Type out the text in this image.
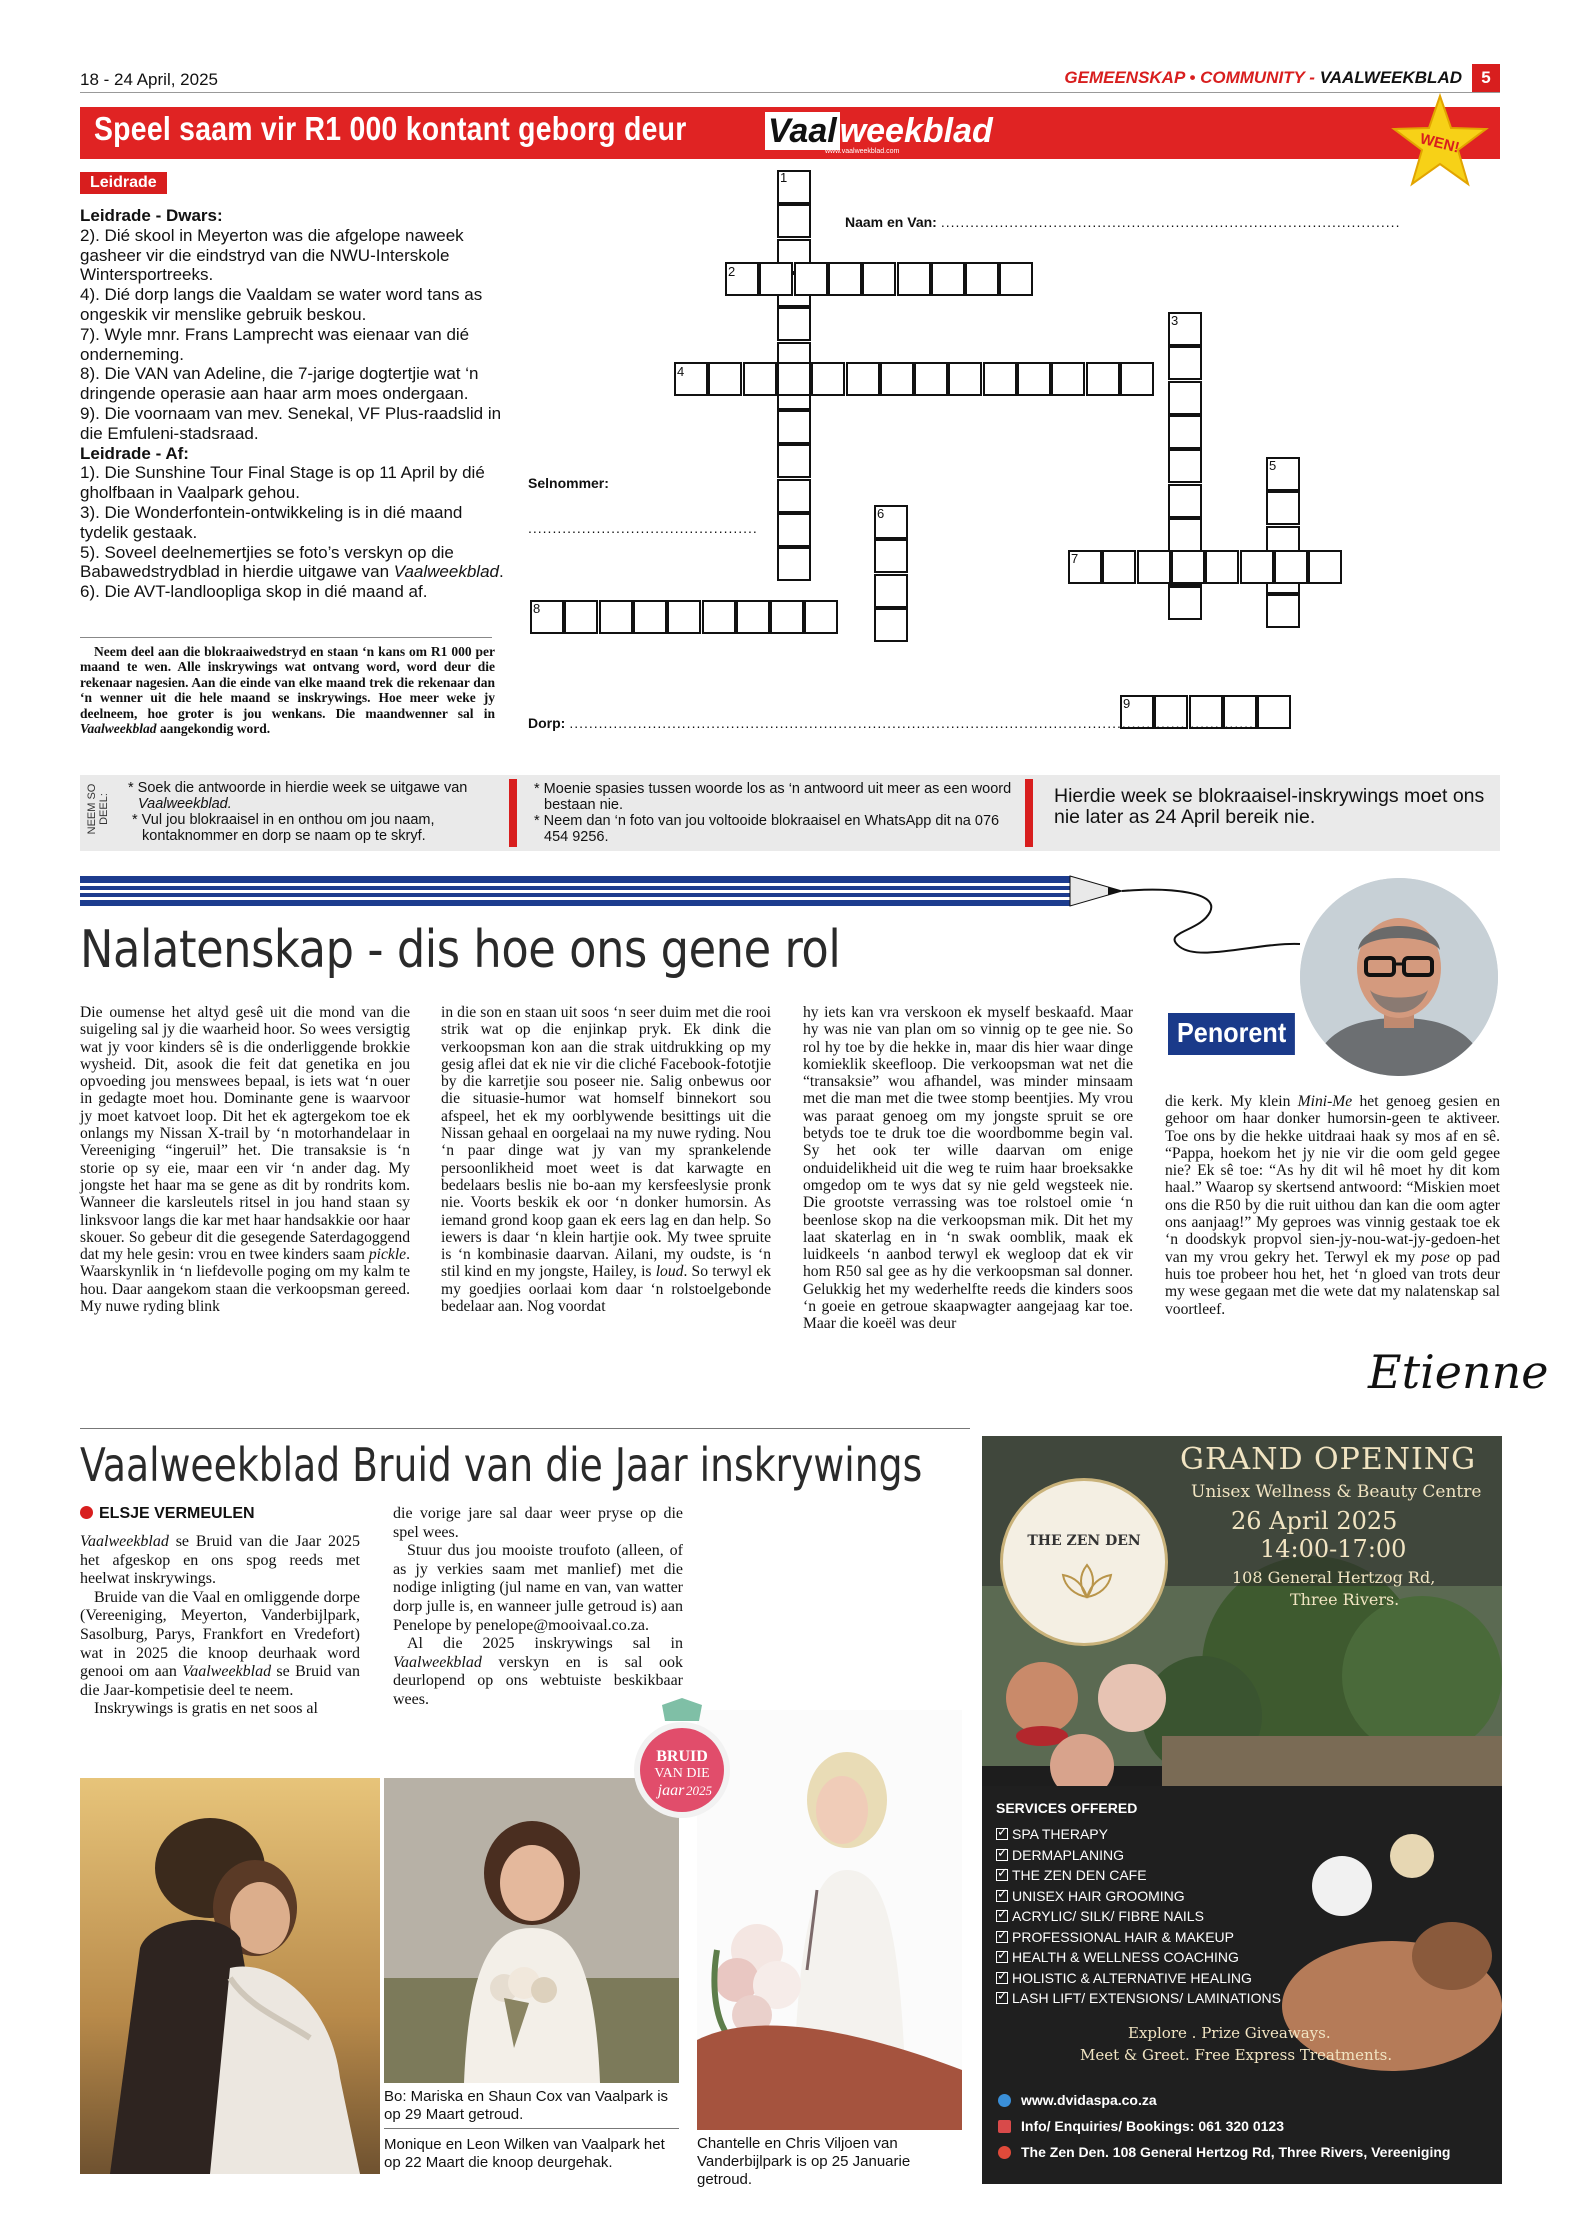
18 - 24 April, 2025	GEMEENSKAP • COMMUNITY - VAALWEEKBLAD	5
Speel saam vir R1 000 kontant geborg deur Vaalweekblad
www.vaalweekblad.com	WEN!
Leidrade
Leidrade - Dwars:
2). Dié skool in Meyerton was die afgelope naweek gasheer vir die eindstryd van die NWU-Interskole Wintersportreeks.
4). Dié dorp langs die Vaaldam se water word tans as ongeskik vir menslike gebruik beskou.
7). Wyle mnr. Frans Lamprecht was eienaar van dié onderneming.
8). Die VAN van Adeline, die 7-jarige dogtertjie wat ‘n dringende operasie aan haar arm moes ondergaan.
9). Die voornaam van mev. Senekal, VF Plus-raadslid in die Emfuleni-stadsraad.
Leidrade - Af:
1). Die Sunshine Tour Final Stage is op 11 April by dié gholfbaan in Vaalpark gehou.
3). Die Wonderfontein-ontwikkeling is in dié maand tydelik gestaak.
5). Soveel deelnemertjies se foto’s verskyn op die Babawedstrydblad in hierdie uitgawe van Vaalweekblad.
6). Die AVT-landloopliga skop in dié maand af.
Neem deel aan die blokraaiwedstryd en staan ‘n kans om R1 000 per maand te wen. Alle inskrywings wat ontvang word, word deur die rekenaar nagesien. Aan die einde van elke maand trek die rekenaar dan ‘n wenner uit die hele maand se inskrywings. Hoe meer weke jy deelneem, hoe groter is jou wenkans. Die maandwenner sal in Vaalweekblad aangekondig word.
1
2
3
4
5
6
7
8
9
Naam en Van: ..............................................................................................
Selnommer:
...............................................
Dorp: ............................................................................................................................................
NEEM SO DEEL:
* Soek die antwoorde in hierdie week se uitgawe van Vaalweekblad.
* Vul jou blokraaisel in en onthou om jou naam, kontaknommer en dorp se naam op te skryf.
* Moenie spasies tussen woorde los as ‘n antwoord uit meer as een woord bestaan nie.
* Neem dan ‘n foto van jou voltooide blokraaisel en WhatsApp dit na 076 454 9256.
Hierdie week se blokraaisel-inskrywings moet ons nie later as 24 April bereik nie.
Nalatenskap - dis hoe ons gene rol
Penorent
Die oumense het altyd gesê uit die mond van die suigeling sal jy die waarheid hoor. So wees versigtig wat jy voor kinders sê is die onderliggende brokkie wysheid. Dit, asook die feit dat genetika en jou opvoeding jou menswees bepaal, is iets wat ‘n ouer in gedagte moet hou. Dominante gene is waarvoor jy moet katvoet loop. Dit het ek agtergekom toe ek onlangs my Nissan X-trail by ‘n motorhandelaar in Vereeniging “ingeruil” het. Die transaksie is ‘n storie op sy eie, maar een vir ‘n ander dag. My jongste het haar ma se gene as dit by rondrits kom. Wanneer die karsleutels ritsel in jou hand staan sy linksvoor langs die kar met haar handsakkie oor haar skouer. So gebeur dit die gesegende Saterdagoggend dat my hele gesin: vrou en twee kinders saam pickle. Waarskynlik in ‘n liefdevolle poging om my kalm te hou. Daar aangekom staan die verkoopsman gereed. My nuwe ryding blink
in die son en staan uit soos ‘n seer duim met die rooi strik wat op die enjinkap pryk. Ek dink die verkoopsman kon aan die strak uitdrukking op my gesig aflei dat ek nie vir die cliché Facebook-fototjie by die karretjie sou poseer nie. Salig onbewus oor die situasie-humor wat homself binnekort sou afspeel, het ek my oorblywende besittings uit die Nissan gehaal en oorgelaai na my nuwe ryding. Nou ‘n paar dinge wat jy van my sprankelende persoonlikheid moet weet is dat karwagte en bedelaars beslis nie bo-aan my kersfeeslysie pronk nie. Voorts beskik ek oor ‘n donker humorsin. As iemand grond koop gaan ek eers lag en dan help. So iewers is daar ‘n klein hartjie ook. My twee spruite is ‘n kombinasie daarvan. Ailani, my oudste, is ‘n stil kind en my jongste, Hailey, is loud. So terwyl ek my goedjies oorlaai kom daar ‘n rolstoelgebonde bedelaar aan. Nog voordat
hy iets kan vra verskoon ek myself beskaafd. Maar hy was nie van plan om so vinnig op te gee nie. So rol hy toe by die hekke in, maar dis hier waar dinge komieklik skeefloop. Die verkoopsman wat net die “transaksie” wou afhandel, was minder minsaam met die man met die twee stomp beentjies. My vrou was paraat genoeg om my jongste spruit se ore betyds toe te druk toe die woordbomme begin val. Sy het ook ter wille daarvan om enige onduidelikheid uit die weg te ruim haar broeksakke omgedop om te wys dat sy nie geld wegsteek nie. Die grootste verrassing was toe rolstoel omie ‘n beenlose skop na die verkoopsman mik. Dit het my laat skaterlag en in ‘n swak oomblik, maak ek luidkeels ‘n aanbod terwyl ek wegloop dat ek vir hom R50 sal gee as hy die verkoopsman sal donner. Gelukkig het my wederhelfte reeds die kinders soos ‘n goeie en getroue skaapwagter aangejaag kar toe. Maar die koeël was deur
die kerk. My klein Mini-Me het genoeg gesien en gehoor om haar donker humorsin-geen te aktiveer. Toe ons by die hekke uitdraai haak sy mos af en sê. “Pappa, hoekom het jy nie vir die oom geld gegee nie? Ek sê toe: “As hy dit wil hê moet hy dit kom haal.” Waarop sy skertsend antwoord: “Miskien moet ons die R50 by die ruit uithou dan kan die oom agter ons aanjaag!” My geproes was vinnig gestaak toe ek ‘n doodskyk propvol sien-jy-nou-wat-jy-gedoen-het van my vrou gekry het. Terwyl ek my pose op pad huis toe probeer hou het, het ‘n gloed van trots deur my wese gegaan met die wete dat my nalatenskap sal voortleef.
Etienne
Vaalweekblad Bruid van die Jaar inskrywings
ELSJE VERMEULEN

Vaalweekblad se Bruid van die Jaar 2025 het afgeskop en ons spog reeds met heelwat inskrywings.

Bruide van die Vaal en omliggende dorpe (Vereeniging, Meyerton, Vanderbijlpark, Sasolburg, Parys, Frankfort en Vredefort) wat in 2025 die knoop deurhaak word genooi om aan Vaalweekblad se Bruid van die Jaar-kompetisie deel te neem.

Inskrywings is gratis en net soos al

die vorige jare sal daar weer pryse op die spel wees.

Stuur dus jou mooiste troufoto (alleen, of as jy verkies saam met manlief) met die nodige inligting (jul name en van, van watter dorp julle is, en wanneer julle getroud is) aan Penelope by penelope@mooivaal.co.za.

Al die 2025 inskrywings sal in Vaalweekblad verskyn en is sal ook deurlopend op ons webtuiste beskikbaar wees.

BRUID
VAN DIE
jaar 2025
Bo: Mariska en Shaun Cox van Vaalpark is op 29 Maart getroud.
Monique en Leon Wilken van Vaalpark het op 22 Maart die knoop deurgehak.
Chantelle en Chris Viljoen van Vanderbijlpark is op 25 Januarie getroud.
THE ZEN DEN
GRAND OPENING
Unisex Wellness & Beauty Centre
26 April 2025
14:00-17:00
108 General Hertzog Rd,
Three Rivers.
SERVICES OFFERED
✓SPA THERAPY
✓DERMAPLANING
✓THE ZEN DEN CAFE
✓UNISEX HAIR GROOMING
✓ACRYLIC/ SILK/ FIBRE NAILS
✓PROFESSIONAL HAIR & MAKEUP
✓HEALTH & WELLNESS COACHING
✓HOLISTIC & ALTERNATIVE HEALING
✓LASH LIFT/ EXTENSIONS/ LAMINATIONS
Explore . Prize Giveaways.
Meet & Greet. Free Express Treatments.
www.dvidaspa.co.za
Info/ Enquiries/ Bookings: 061 320 0123
The Zen Den. 108 General Hertzog Rd, Three Rivers, Vereeniging
